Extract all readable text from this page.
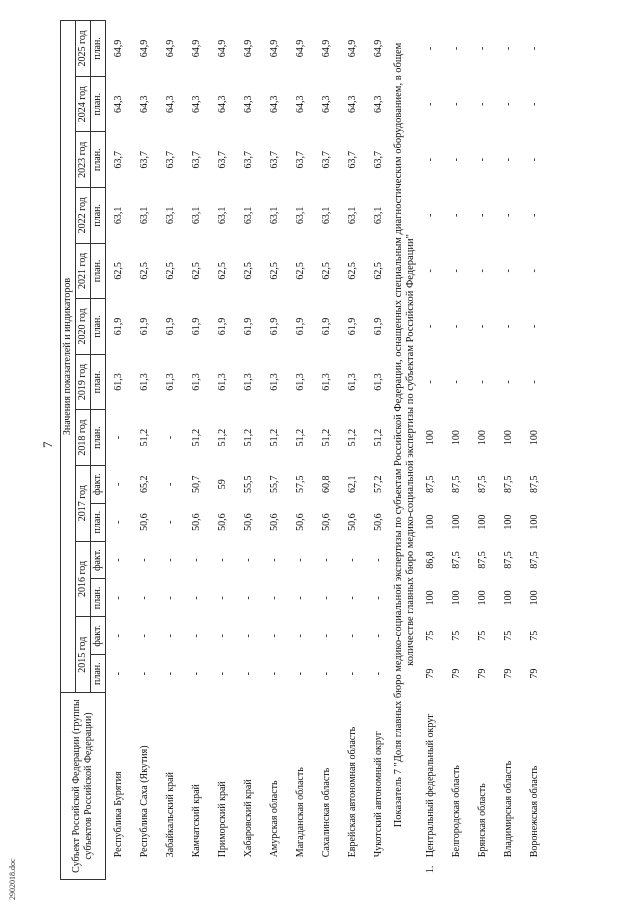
7
2902018.doc
Субъект Российской Федерации (группы субъектов Российской Федерации)		Значения показателей и индикаторов													
		2015 год		2016 год		2017 год		2018 год	2019 год	2020 год	2021 год	2022 год	2023 год	2024 год	2025 год
		план.	факт.	план.	факт.	план.	факт.	план.	план.	план.	план.	план.	план.	план.	план.
	Республика Бурятия	-	-	-	-	-	-	-	61,3	61,9	62,5	63,1	63,7	64,3	64,9
	Республика Саха (Якутия)	-	-	-	-	50,6	65,2	51,2	61,3	61,9	62,5	63,1	63,7	64,3	64,9
	Забайкальский край	-	-	-	-	-	-	-	61,3	61,9	62,5	63,1	63,7	64,3	64,9
	Камчатский край	-	-	-	-	50,6	50,7	51,2	61,3	61,9	62,5	63,1	63,7	64,3	64,9
	Приморский край	-	-	-	-	50,6	59	51,2	61,3	61,9	62,5	63,1	63,7	64,3	64,9
	Хабаровский край	-	-	-	-	50,6	55,5	51,2	61,3	61,9	62,5	63,1	63,7	64,3	64,9
	Амурская область	-	-	-	-	50,6	55,7	51,2	61,3	61,9	62,5	63,1	63,7	64,3	64,9
	Магаданская область	-	-	-	-	50,6	57,5	51,2	61,3	61,9	62,5	63,1	63,7	64,3	64,9
	Сахалинская область	-	-	-	-	50,6	60,8	51,2	61,3	61,9	62,5	63,1	63,7	64,3	64,9
	Еврейская автономная область	-	-	-	-	50,6	62,1	51,2	61,3	61,9	62,5	63,1	63,7	64,3	64,9
	Чукотский автономный округ	-	-	-	-	50,6	57,2	51,2	61,3	61,9	62,5	63,1	63,7	64,3	64,9
Показатель 7 "Доля главных бюро медико-социальной экспертизы по субъектам Российской Федерации, оснащенных специальным диагностическим оборудованием, в общем количестве главных бюро медико-социальной экспертизы по субъектам Российской Федерации"															
1.	Центральный федеральный округ	79	75	100	86,8	100	87,5	100	-	-	-	-	-	-	-
	Белгородская область	79	75	100	87,5	100	87,5	100	-	-	-	-	-	-	-
	Брянская область	79	75	100	87,5	100	87,5	100	-	-	-	-	-	-	-
	Владимирская область	79	75	100	87,5	100	87,5	100	-	-	-	-	-	-	-
	Воронежская область	79	75	100	87,5	100	87,5	100	-	-	-	-	-	-	-
